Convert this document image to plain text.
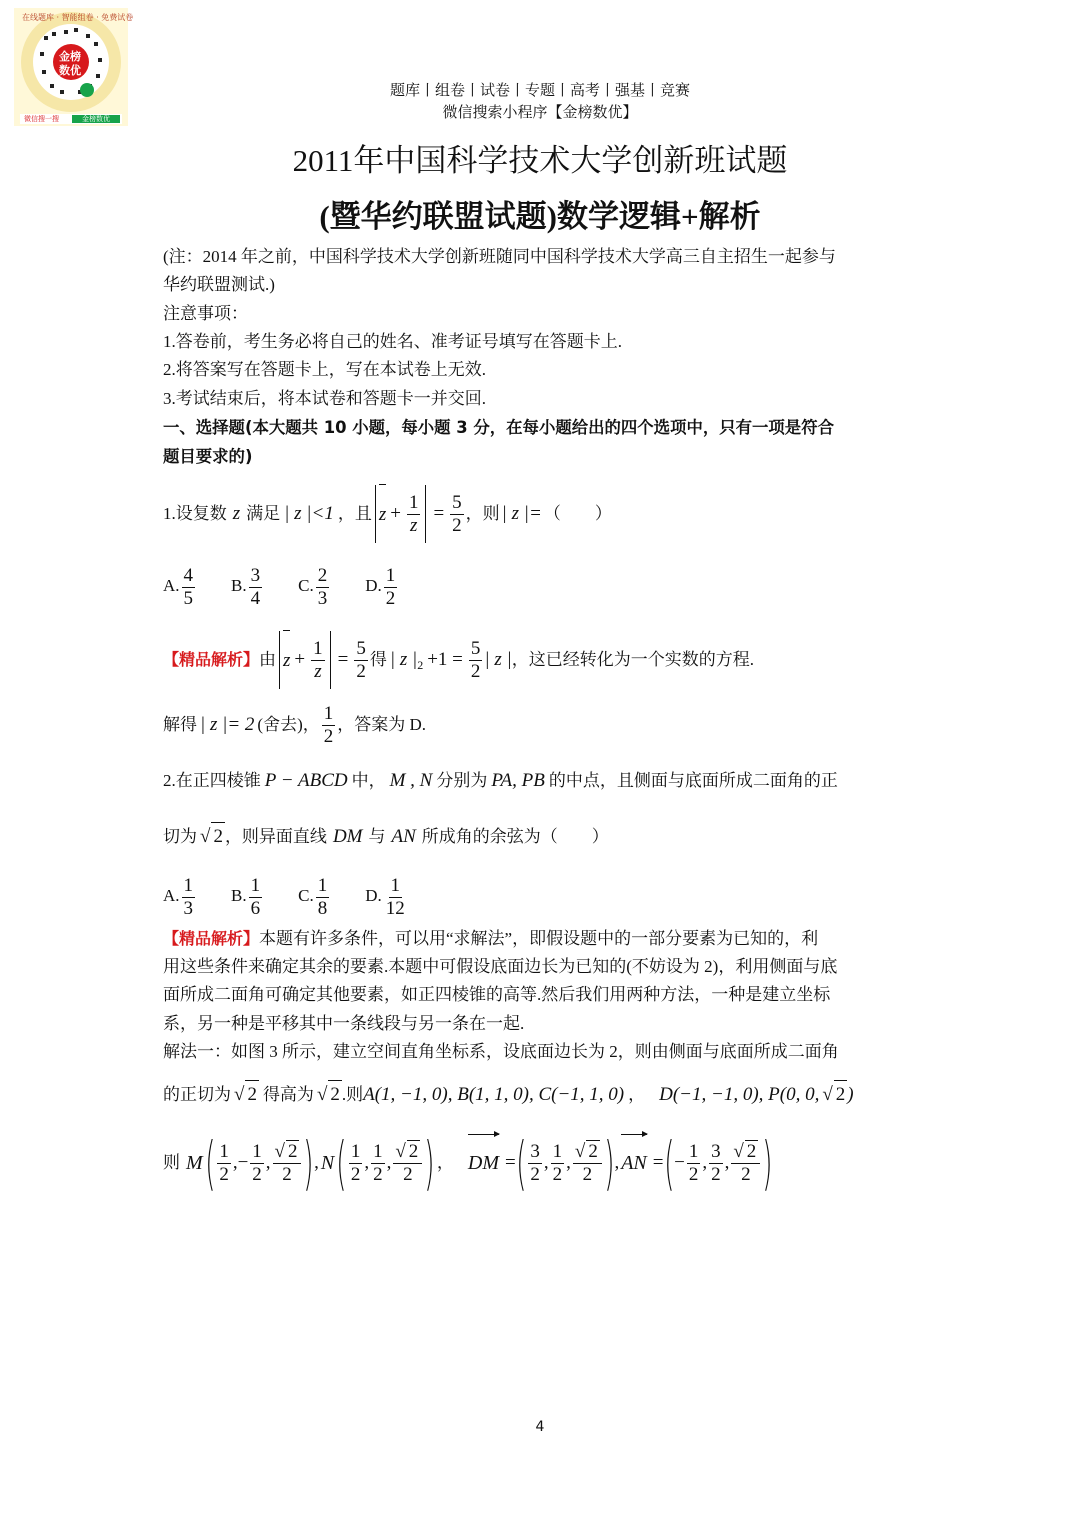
金榜
数优
在线题库 · 智能组卷 · 免费试卷
微信搜一搜	金榜数优
题库丨组卷丨试卷丨专题丨高考丨强基丨竞赛
微信搜索小程序【金榜数优】
2011年中国科学技术大学创新班试题
(暨华约联盟试题)数学逻辑+解析
(注：2014 年之前，中国科学技术大学创新班随同中国科学技术大学高三自主招生一起参与
华约联盟测试.)
注意事项：
1.答卷前，考生务必将自己的姓名、准考证号填写在答题卡上.
2.将答案写在答题卡上，写在本试卷上无效.
3.考试结束后，将本试卷和答题卡一并交回.
一、选择题(本大题共 10 小题，每小题 3 分，在每小题给出的四个选项中，只有一项是符合
题目要求的)
1.设复数 z 满足 | z |<1 ，且 $z + \frac{1}{z} = \frac{5}{2}$ ，则 | z |= （　　）
A. $\frac{4}{5} B$. $\frac{3}{4} C$. $\frac{2}{3} D$. $\frac{1}{2}$
【精品解析】 由 $z + \frac{1}{z} = \frac{5}{2}$ 得 | z $|_2 +1 = \frac{5}{2}$ | z | ，这已经转化为一个实数的方程.
解得 | z |= 2 (舍去)， $\frac{1}{2}$ ，答案为 D.
2.在正四棱锥 P − ABCD 中， M , N 分别为 PA, PB 的中点，且侧面与底面所成二面角的正
切为 √ 2 ，则异面直线 DM 与 AN 所成角的余弦为（　　）
A. $\frac{1}{3} B$. $\frac{1}{6} C$. $\frac{1}{8} D$. $\frac{1}{12}$
【精品解析】本题有许多条件，可以用“求解法”，即假设题中的一部分要素为已知的，利
用这些条件来确定其余的要素.本题中可假设底面边长为已知的(不妨设为 2)，利用侧面与底
面所成二面角可确定其他要素，如正四棱锥的高等.然后我们用两种方法，一种是建立坐标
系，另一种是平移其中一条线段与另一条在一起.
解法一：如图 3 所示，建立空间直角坐标系，设底面边长为 2，则由侧面与底面所成二面角
的正切为 √ 2 得高为 √ 2 .则 A(1, −1, 0), B(1, 1, 0), C(−1, 1, 0) ， D(−1, −1, 0), P(0, 0, √ 2 )
则 M ( $\frac{1}{2}$ , − $\frac{1}{2}$ , $\frac{√ 2}{2}$ ) , N ( $\frac{1}{2}$ , $\frac{1}{2}$ , $\frac{√ 2}{2}$ ) ， DM = ( $\frac{3}{2}$ , $\frac{1}{2}$ , $\frac{√ 2}{2}$ ) , AN = ( − $\frac{1}{2}$ , $\frac{3}{2}$ , $\frac{√ 2}{2}$ )
4
